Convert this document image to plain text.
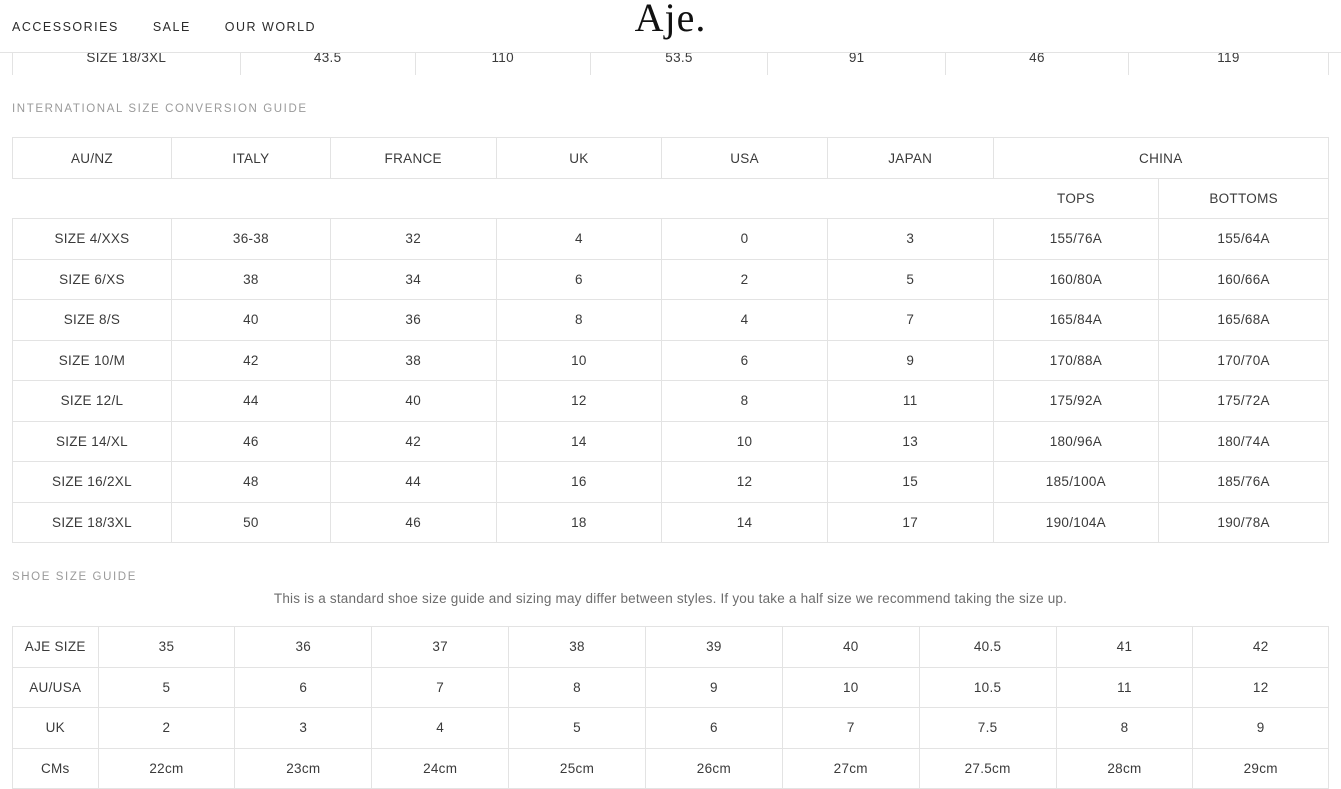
ACCESSORIES	SALE	OUR WORLD	Aje.
SIZE 18/3XL	43.5	110	53.5	91	46	119
INTERNATIONAL SIZE CONVERSION GUIDE
AU/NZ	ITALY	FRANCE	UK	USA	JAPAN	CHINA	
						TOPS	BOTTOMS
SIZE 4/XXS	36-38	32	4	0	3	155/76A	155/64A
SIZE 6/XS	38	34	6	2	5	160/80A	160/66A
SIZE 8/S	40	36	8	4	7	165/84A	165/68A
SIZE 10/M	42	38	10	6	9	170/88A	170/70A
SIZE 12/L	44	40	12	8	11	175/92A	175/72A
SIZE 14/XL	46	42	14	10	13	180/96A	180/74A
SIZE 16/2XL	48	44	16	12	15	185/100A	185/76A
SIZE 18/3XL	50	46	18	14	17	190/104A	190/78A
SHOE SIZE GUIDE
This is a standard shoe size guide and sizing may differ between styles. If you take a half size we recommend taking the size up.
AJE SIZE	35	36	37	38	39	40	40.5	41	42
AU/USA	5	6	7	8	9	10	10.5	11	12
UK	2	3	4	5	6	7	7.5	8	9
CMs	22cm	23cm	24cm	25cm	26cm	27cm	27.5cm	28cm	29cm
